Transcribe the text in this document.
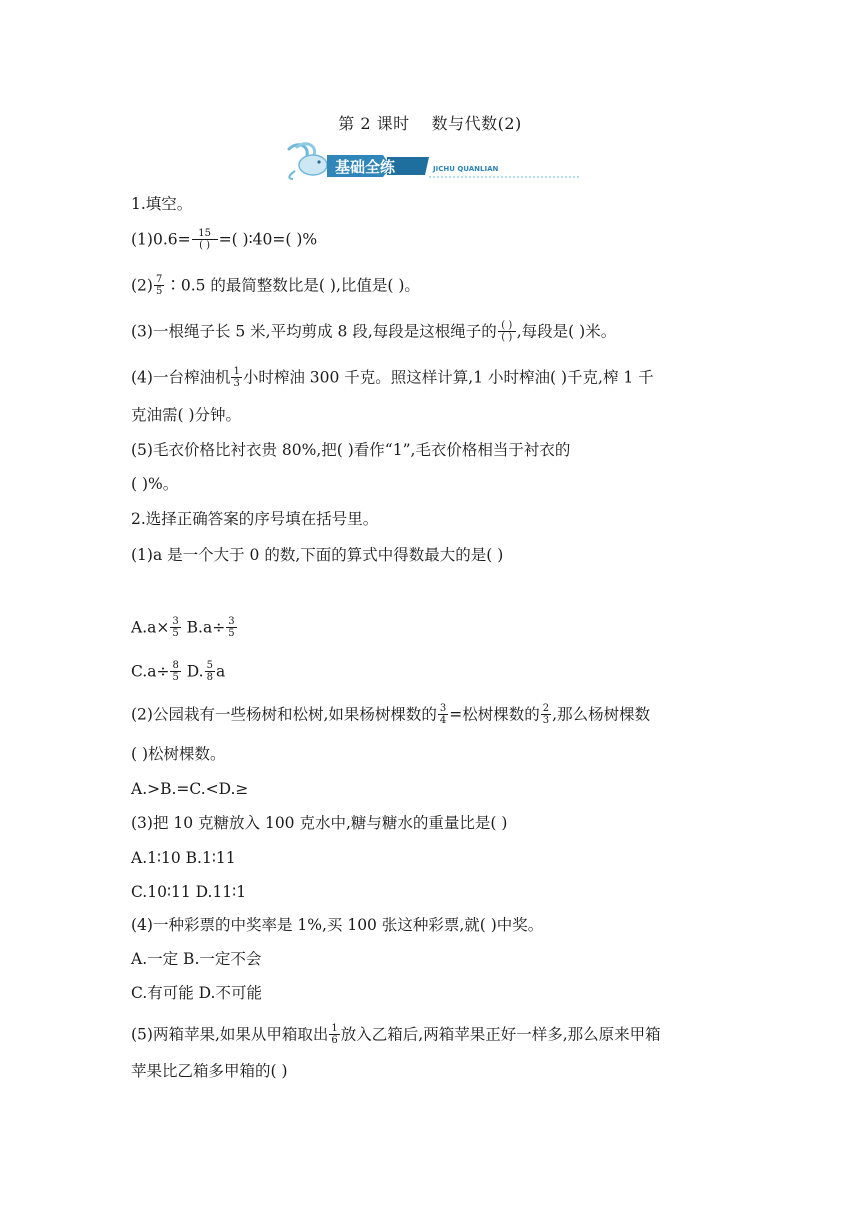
第 2 课时 数与代数(2)
基础全练	JICHU QUANLIAN
1.填空。
$(1)0.6= \frac{15}{( )}$ =( )∶40=( )%
$(2) \frac{7}{5}$ ∶0.5 的最简整数比是( ),比值是( )。
(3)一根绳子长 5 米,平均剪成 8 段,每段是这根绳子的 $\frac{( )}{( )}$ ,每段是( )米。
(4)一台榨油机 $\frac{1}{3}$ 小时榨油 300 千克。照这样计算,1 小时榨油( )千克,榨 1 千
克油需( )分钟。
(5)毛衣价格比衬衣贵 80%,把( )看作“1”,毛衣价格相当于衬衣的
( )%。
2.选择正确答案的序号填在括号里。
(1)a 是一个大于 0 的数,下面的算式中得数最大的是( )
$A.a\times \frac{3}{5} B.a\div \frac{3}{5}$
$C.a\div \frac{8}{5} D$. $\frac{5}{8}$ a
(2)公园栽有一些杨树和松树,如果杨树棵数的 $\frac{3}{4}$ =松树棵数的 $\frac{2}{3}$ ,那么杨树棵数
( )松树棵数。
A.>B.=C.<D.≥
(3)把 10 克糖放入 100 克水中,糖与糖水的重量比是( )
A.1∶10 B.1∶11
C.10∶11 D.11∶1
(4)一种彩票的中奖率是 1%,买 100 张这种彩票,就( )中奖。
A.一定 B.一定不会
C.有可能 D.不可能
(5)两箱苹果,如果从甲箱取出 $\frac{1}{6}$ 放入乙箱后,两箱苹果正好一样多,那么原来甲箱
苹果比乙箱多甲箱的( )
